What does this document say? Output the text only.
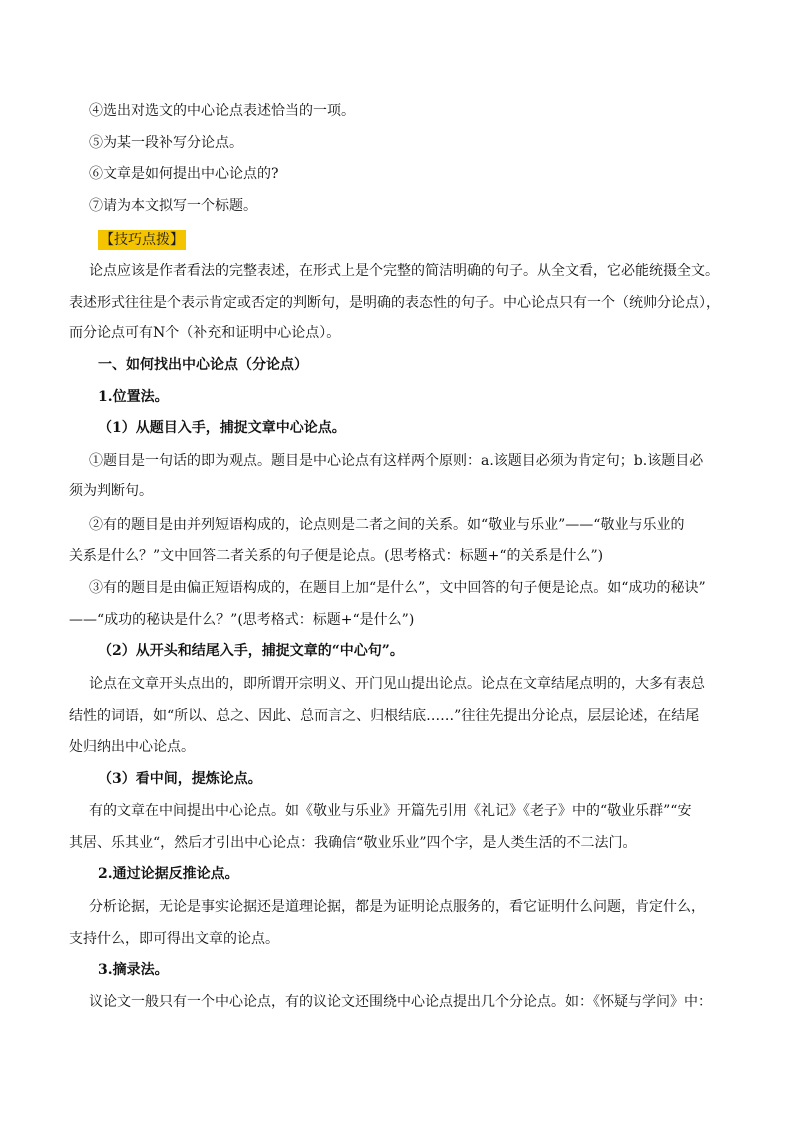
④选出对选文的中心论点表述恰当的一项。
⑤为某一段补写分论点。
⑥文章是如何提出中心论点的?
⑦请为本文拟写一个标题。
【技巧点拨】
论点应该是作者看法的完整表述，在形式上是个完整的简洁明确的句子。从全文看，它必能统摄全文。
表述形式往往是个表示肯定或否定的判断句，是明确的表态性的句子。中心论点只有一个（统帅分论点），
而分论点可有N个（补充和证明中心论点）。
一、如何找出中心论点（分论点）
1.位置法。
（1）从题目入手，捕捉文章中心论点。
①题目是一句话的即为观点。题目是中心论点有这样两个原则：a.该题目必须为肯定句；b.该题目必
须为判断句。
②有的题目是由并列短语构成的，论点则是二者之间的关系。如“敬业与乐业”——“敬业与乐业的
关系是什么？”文中回答二者关系的句子便是论点。(思考格式：标题+“的关系是什么”)
③有的题目是由偏正短语构成的，在题目上加“是什么”，文中回答的句子便是论点。如“成功的秘诀”
——“成功的秘诀是什么？”(思考格式：标题+“是什么”)
（2）从开头和结尾入手，捕捉文章的“中心句”。
论点在文章开头点出的，即所谓开宗明义、开门见山提出论点。论点在文章结尾点明的，大多有表总
结性的词语，如“所以、总之、因此、总而言之、归根结底……”往往先提出分论点，层层论述，在结尾
处归纳出中心论点。
（3）看中间，提炼论点。
有的文章在中间提出中心论点。如《敬业与乐业》开篇先引用《礼记》《老子》中的“敬业乐群”“安
其居、乐其业“，然后才引出中心论点：我确信“敬业乐业”四个字，是人类生活的不二法门。
2.通过论据反推论点。
分析论据，无论是事实论据还是道理论据，都是为证明论点服务的，看它证明什么问题，肯定什么，
支持什么，即可得出文章的论点。
3.摘录法。
议论文一般只有一个中心论点，有的议论文还围绕中心论点提出几个分论点。如：《怀疑与学问》中：
